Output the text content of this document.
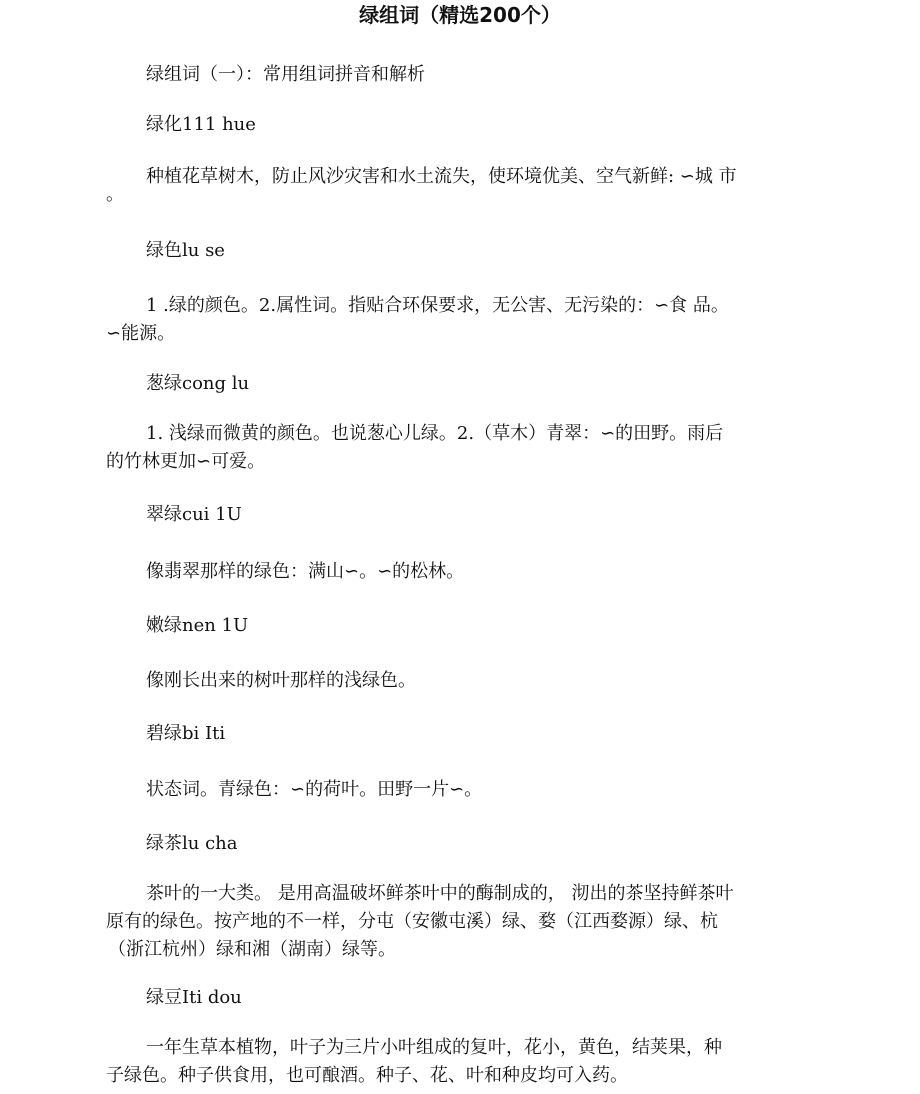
绿组词（精选200个）

绿组词（一）：常用组词拼音和解析

绿化111 hue

种植花草树木，防止风沙灾害和水土流失，使环境优美、空气新鲜: ∽城 市
。

绿色lu se

1 .绿的颜色。2.属性词。指贴合环保要求，无公害、无污染的：∽食 品。
∽能源。

葱绿cong lu

1. 浅绿而微黄的颜色。也说葱心儿绿。2.（草木）青翠：∽的田野。雨后
的竹林更加∽可爱。

翠绿cui 1U

像翡翠那样的绿色：满山∽。∽的松林。

嫩绿nen 1U

像刚长出来的树叶那样的浅绿色。

碧绿bi Iti

状态词。青绿色：∽的荷叶。田野一片∽。

绿茶lu cha

茶叶的一大类。 是用高温破坏鲜茶叶中的酶制成的， 沏出的茶坚持鲜茶叶
原有的绿色。按产地的不一样，分屯（安徽屯溪）绿、婺（江西婺源）绿、杭
（浙江杭州）绿和湘（湖南）绿等。

绿豆Iti dou

一年生草本植物，叶子为三片小叶组成的复叶，花小，黄色，结荚果，种
子绿色。种子供食用，也可酿酒。种子、花、叶和种皮均可入药。
